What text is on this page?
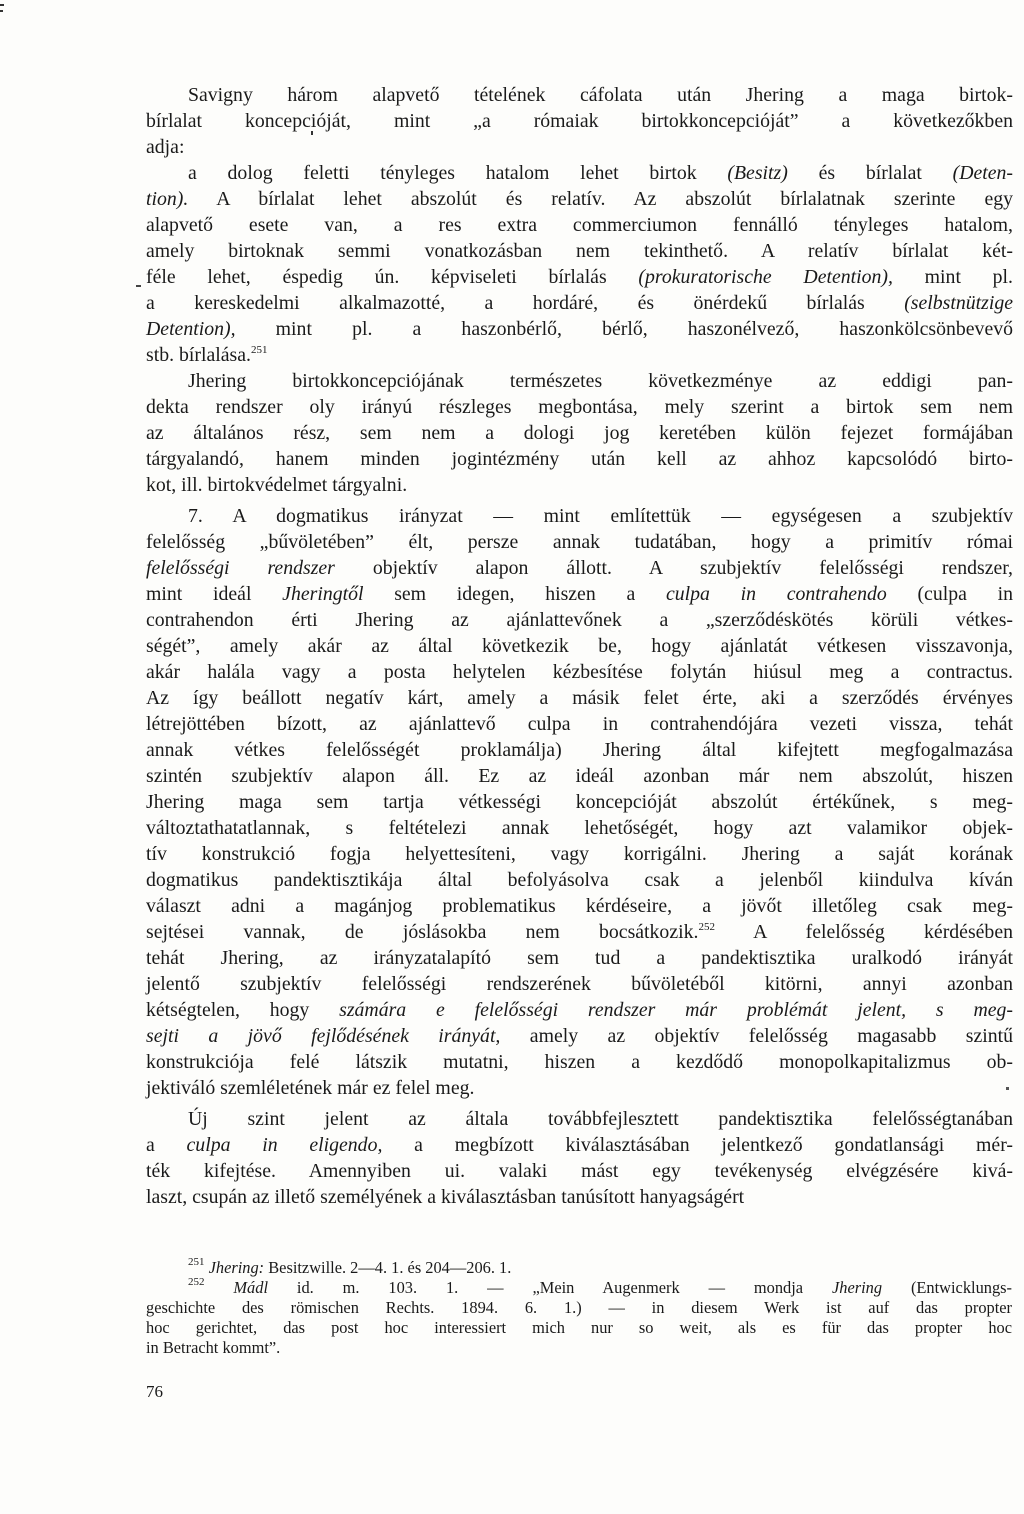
Savigny három alapvető tételének cáfolata után Jhering a maga birtok-
bírlalat koncepcióját, mint „a rómaiak birtokkoncepcióját” a következőkben
adja:
a dolog feletti tényleges hatalom lehet birtok (Besitz) és bírlalat (Deten-
tion). A bírlalat lehet abszolút és relatív. Az abszolút bírlalatnak szerinte egy
alapvető esete van, a res extra commerciumon fennálló tényleges hatalom,
amely birtoknak semmi vonatkozásban nem tekinthető. A relatív bírlalat két-
féle lehet, éspedig ún. képviseleti bírlalás (prokuratorische Detention), mint pl.
a kereskedelmi alkalmazotté, a hordáré, és önérdekű bírlalás (selbstnützige
Detention), mint pl. a haszonbérlő, bérlő, haszonélvező, haszonkölcsönbevevő
stb. bírlalása.$^{251}$
Jhering birtokkoncepciójának természetes következménye az eddigi pan-
dekta rendszer oly irányú részleges megbontása, mely szerint a birtok sem nem
az általános rész, sem nem a dologi jog keretében külön fejezet formájában
tárgyalandó, hanem minden jogintézmény után kell az ahhoz kapcsolódó birto-
kot, ill. birtokvédelmet tárgyalni.
7. A dogmatikus irányzat — mint említettük — egységesen a szubjektív
felelősség „bűvöletében” élt, persze annak tudatában, hogy a primitív római
felelősségi rendszer objektív alapon állott. A szubjektív felelősségi rendszer,
mint ideál Jheringtől sem idegen, hiszen a culpa in contrahendo (culpa in
contrahendon érti Jhering az ajánlattevőnek a „szerződéskötés körüli vétkes-
ségét”, amely akár az által következik be, hogy ajánlatát vétkesen visszavonja,
akár halála vagy a posta helytelen kézbesítése folytán hiúsul meg a contractus.
Az így beállott negatív kárt, amely a másik felet érte, aki a szerződés érvényes
létrejöttében bízott, az ajánlattevő culpa in contrahendójára vezeti vissza, tehát
annak vétkes felelősségét proklamálja) Jhering által kifejtett megfogalmazása
szintén szubjektív alapon áll. Ez az ideál azonban már nem abszolút, hiszen
Jhering maga sem tartja vétkességi koncepcióját abszolút értékűnek, s meg-
változtathatatlannak, s feltételezi annak lehetőségét, hogy azt valamikor objek-
tív konstrukció fogja helyettesíteni, vagy korrigálni. Jhering a saját korának
dogmatikus pandektisztikája által befolyásolva csak a jelenből kiindulva kíván
választ adni a magánjog problematikus kérdéseire, a jövőt illetőleg csak meg-
sejtései vannak, de jóslásokba nem bocsátkozik.$^{252}$ A felelősség kérdésében
tehát Jhering, az irányzatalapító sem tud a pandektisztika uralkodó irányát
jelentő szubjektív felelősségi rendszerének bűvöletéből kitörni, annyi azonban
kétségtelen, hogy számára e felelősségi rendszer már problémát jelent, s meg-
sejti a jövő fejlődésének irányát, amely az objektív felelősség magasabb szintű
konstrukciója felé látszik mutatni, hiszen a kezdődő monopolkapitalizmus ob-
jektiváló szemléletének már ez felel meg.
Új szint jelent az általa továbbfejlesztett pandektisztika felelősségtanában
a culpa in eligendo, a megbízott kiválasztásában jelentkező gondatlansági mér-
ték kifejtése. Amennyiben ui. valaki mást egy tevékenység elvégzésére kivá-
laszt, csupán az illető személyének a kiválasztásban tanúsított hanyagságért
$^{251}$ Jhering: Besitzwille. 2—4. 1. és 204—206. 1.
$^{252}$ Mádl id. m. 103. 1. — „Mein Augenmerk — mondja Jhering (Entwicklungs-
geschichte des römischen Rechts. 1894. 6. 1.) — in diesem Werk ist auf das propter
hoc gerichtet, das post hoc interessiert mich nur so weit, als es für das propter hoc
in Betracht kommt”.
76
